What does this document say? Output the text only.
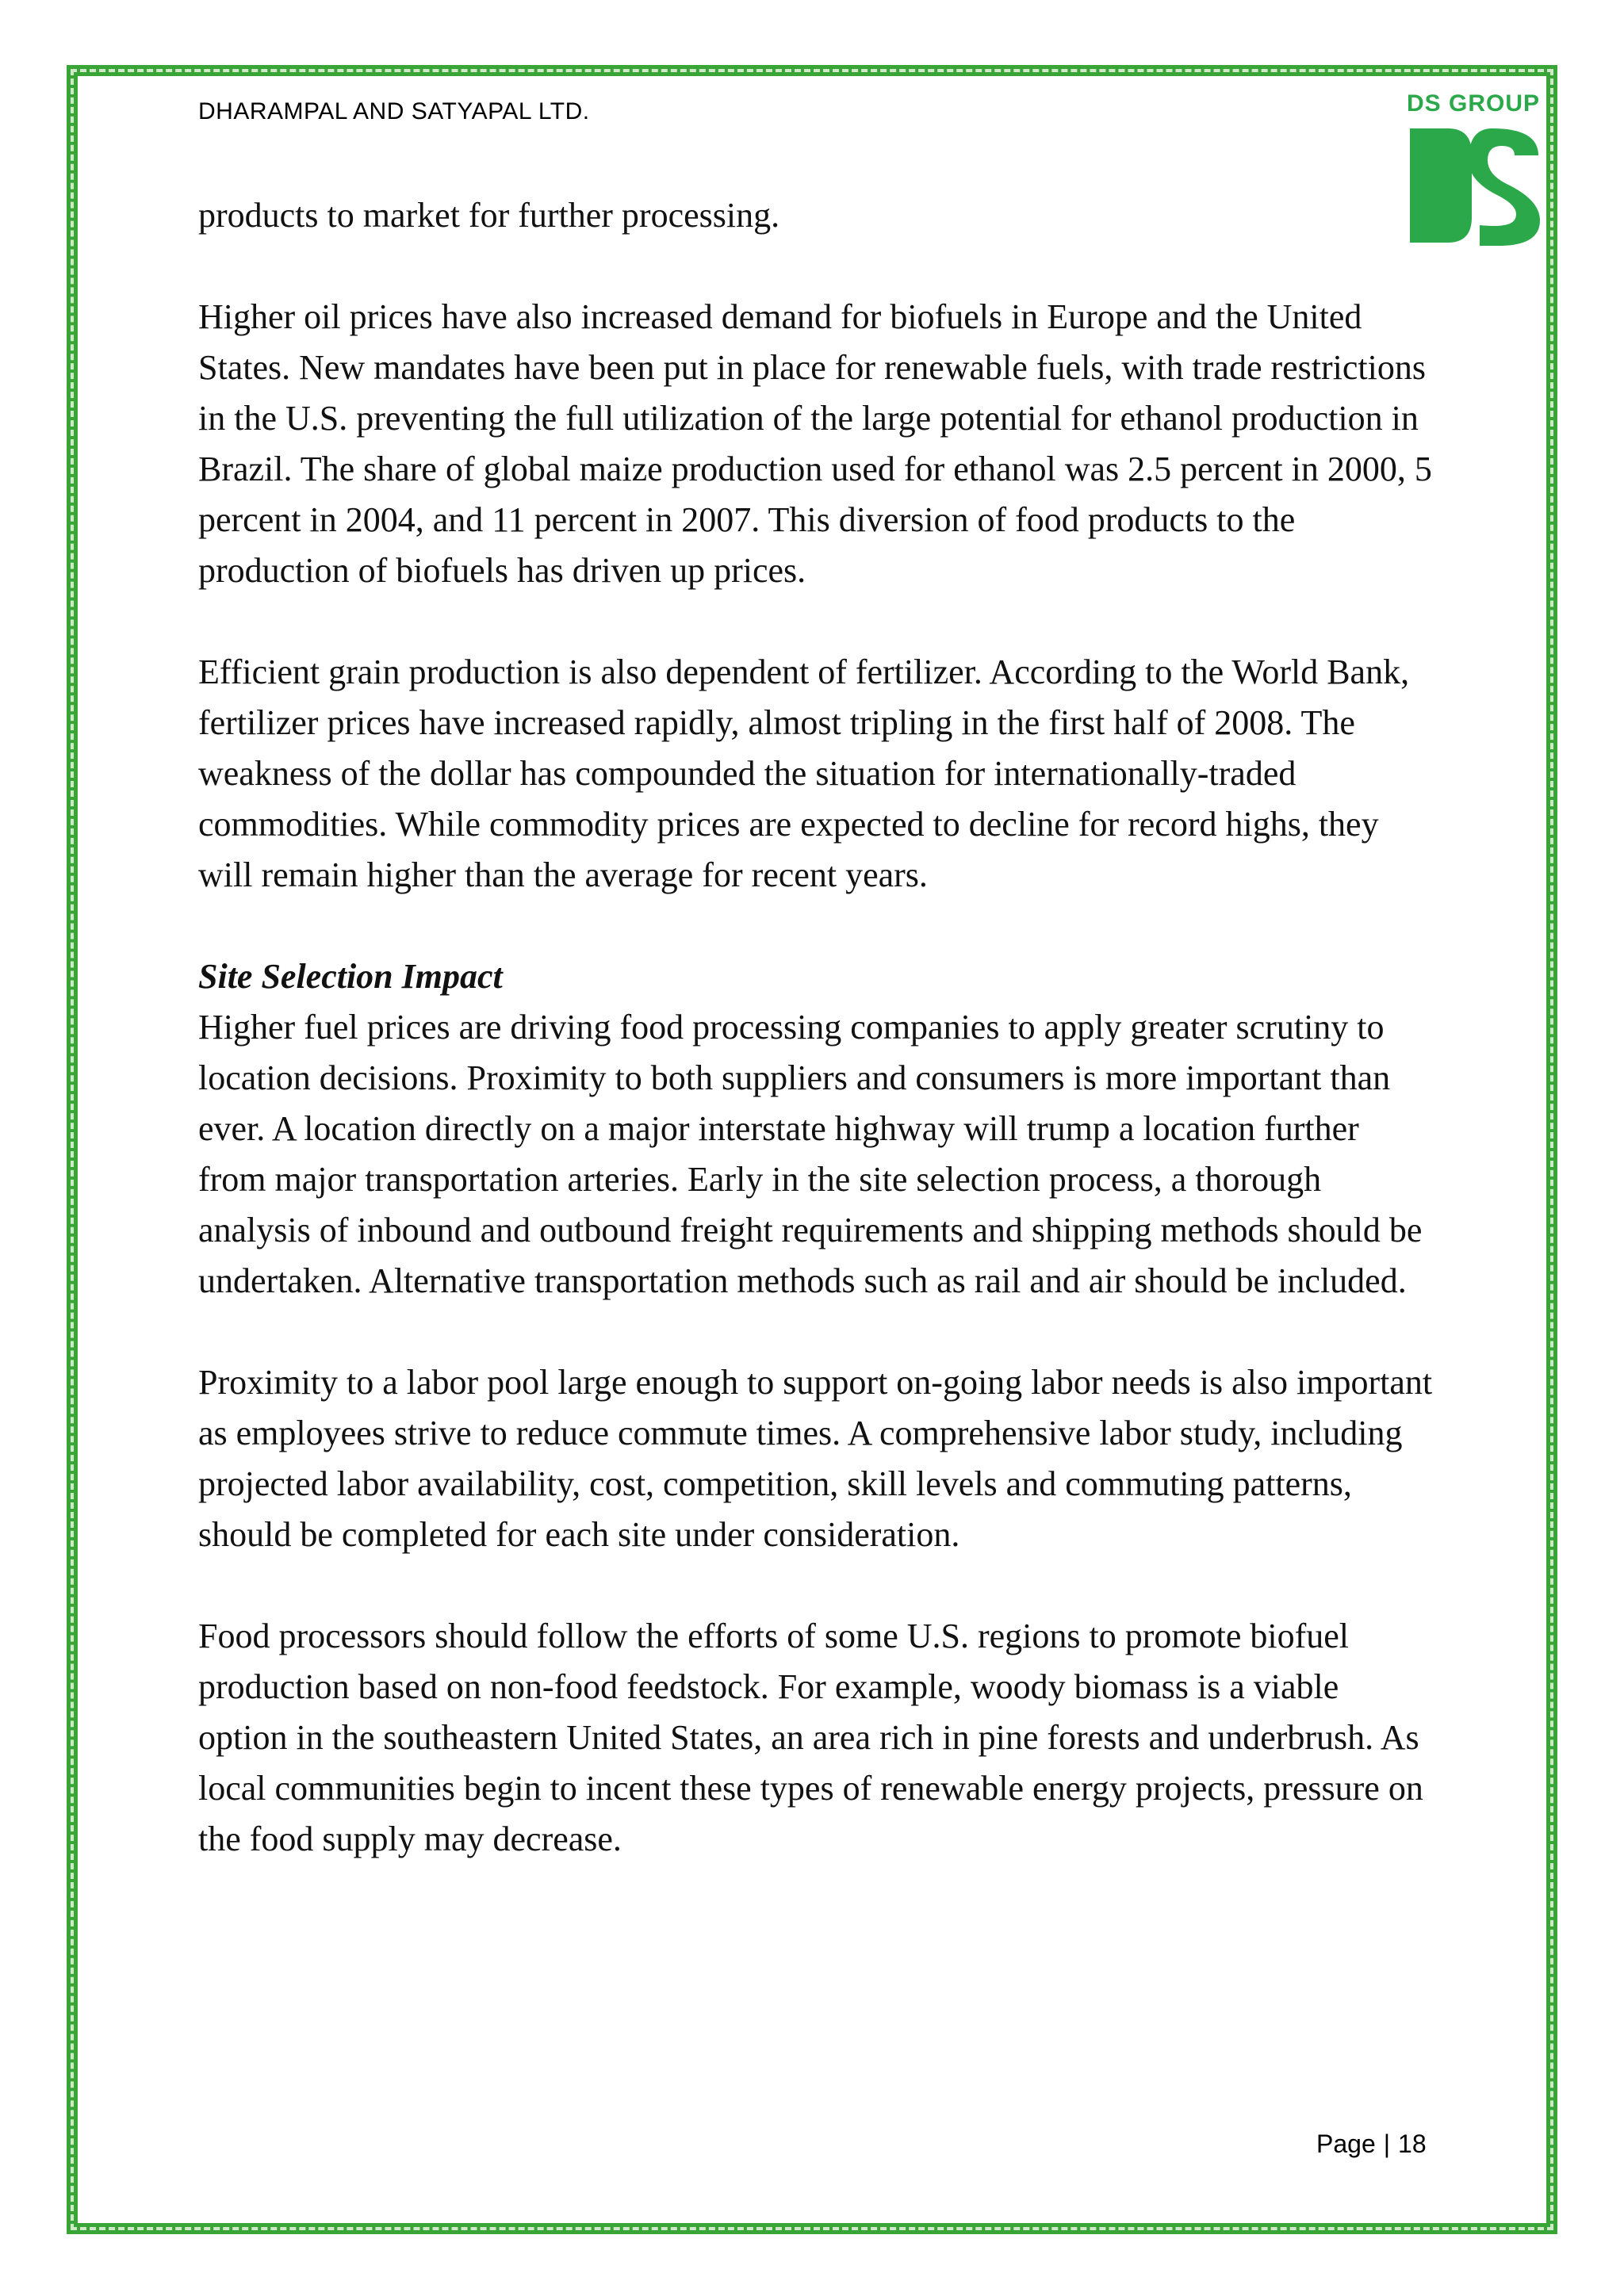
DHARAMPAL AND SATYAPAL LTD.	DS GROUP

products to market for further processing.

Higher oil prices have also increased demand for biofuels in Europe and the United States. New mandates have been put in place for renewable fuels, with trade restrictions in the U.S. preventing the full utilization of the large potential for ethanol production in Brazil. The share of global maize production used for ethanol was 2.5 percent in 2000, 5 percent in 2004, and 11 percent in 2007. This diversion of food products to the production of biofuels has driven up prices.

Efficient grain production is also dependent of fertilizer. According to the World Bank, fertilizer prices have increased rapidly, almost tripling in the first half of 2008. The weakness of the dollar has compounded the situation for internationally-traded commodities. While commodity prices are expected to decline for record highs, they will remain higher than the average for recent years.

Site Selection Impact

Higher fuel prices are driving food processing companies to apply greater scrutiny to location decisions. Proximity to both suppliers and consumers is more important than ever. A location directly on a major interstate highway will trump a location further from major transportation arteries. Early in the site selection process, a thorough analysis of inbound and outbound freight requirements and shipping methods should be undertaken. Alternative transportation methods such as rail and air should be included.

Proximity to a labor pool large enough to support on-going labor needs is also important as employees strive to reduce commute times. A comprehensive labor study, including projected labor availability, cost, competition, skill levels and commuting patterns, should be completed for each site under consideration.

Food processors should follow the efforts of some U.S. regions to promote biofuel production based on non-food feedstock. For example, woody biomass is a viable option in the southeastern United States, an area rich in pine forests and underbrush. As local communities begin to incent these types of renewable energy projects, pressure on the food supply may decrease.

Page | 18
